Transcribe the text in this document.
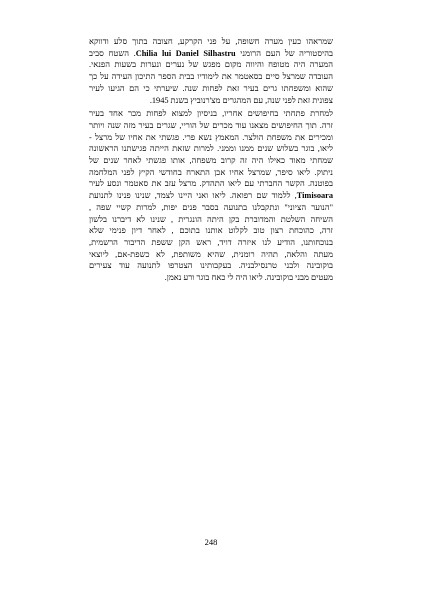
שמראהו כעין מערה חשופה, על פני הקרקע, חצובה בתוך סלע ודווקא
בהיסטוריה של העם הרומני Chilia lui Daniel Silhastru. השטח סביב
המערה היה מטופח והיווה מקום מפגש של נערים ונערות בשעות הפנאי.
העובדה שמרצל סיים בסאטמר את לימודיו בבית הספר התיכון העידה על כך
שהוא ומשפחתו גרים בעיר זאת לפחות שנה. שיערתי כי הם הגיעו לעיר
צפונית זאת לפני שנה, עם המהגרים מצ'רנוביץ בשנת 1945.
למחרת פתחתי בחיפושים אחריו, בניסיון למצוא לפחות מכר אחד בעיר
זרה. תוך החיפושים מצאנו עוד מכרים של הוריי, שגרים בעיר מזה שנה ויותר
ומכירים את משפחת הולצר. המאמץ נשא פרי. פגשתי את אחיו של מרצל -
ליאו, בוגר בשלוש שנים ממנו וממני. למרות שזאת הייתה פגישתנו הראשונה
שמחתי מאוד כאילו היה זה קרוב משפחה, אותו פגשתי לאחר שנים של
ניתוק. ליאו סיפר, שמרצל אחיו אכן התארח בחודשי הקיץ לפני המלחמה
בפוטנה. הקשר החברתי עם ליאו התהדק. מרצל עזב את סאטמר ונסע לעיר
Timisoara, ללמוד שם רפואה. ליאו ואני היינו לצמד, שנינו פנינו לתנועת
"הנוער הציוני" ונתקבלנו בתנועה בסבר פנים יפות, למרות קשיי שפה ,
השיחה השלטת והמדוברת בקן היתה הונגרית , שנינו לא דיברנו בלשון
זרה, כהוכחת רצון טוב לקלוט אותנו בתוכם , לאחר דיון פנימי שלא
בנוכחותנו, הודיע לנו איזרה דויד, ראש הקן ששפת הדיבור הרשמית,
מעתה והלאה, תהיה רומנית, שהיא משותפת, לא כשפת-אם, ליוצאי
בוקובינה ולבני טרנסילבניה. בעקבותינו הצטרפו לתנועה עוד צעירים
מעטים מבני בוקובינה. ליאו היה לי כאח בוגר ורע נאמן.
248
